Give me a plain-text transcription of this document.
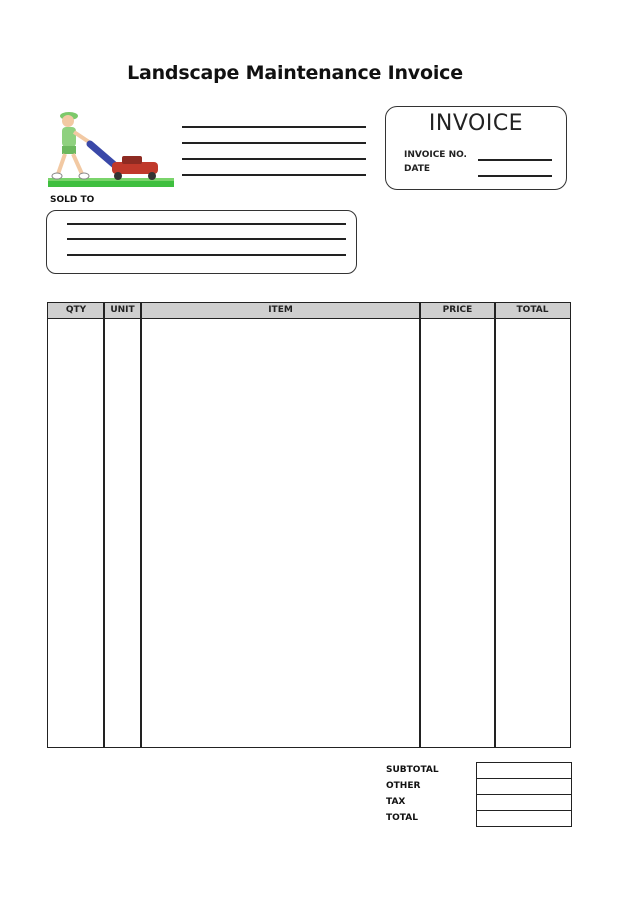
Landscape Maintenance Invoice
INVOICE
INVOICE NO.
DATE
SOLD TO
QTY	UNIT	ITEM	PRICE	TOTAL
SUBTOTAL
OTHER
TAX
TOTAL
